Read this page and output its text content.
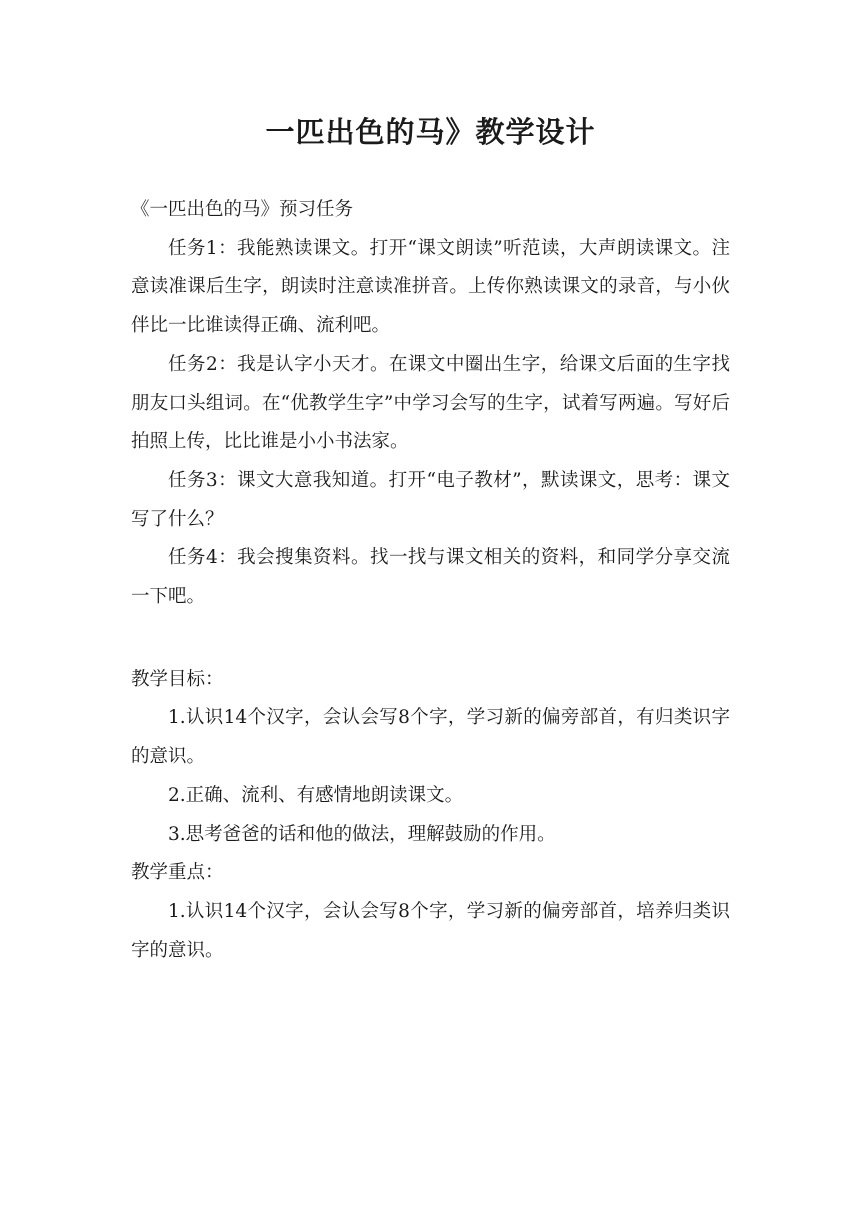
一匹出色的马》教学设计

《一匹出色的马》预习任务

任务1：我能熟读课文。打开“课文朗读”听范读，大声朗读课文。注意读准课后生字，朗读时注意读准拼音。上传你熟读课文的录音，与小伙伴比一比谁读得正确、流利吧。

任务2：我是认字小天才。在课文中圈出生字，给课文后面的生字找朋友口头组词。在“优教学生字”中学习会写的生字，试着写两遍。写好后拍照上传，比比谁是小小书法家。

任务3：课文大意我知道。打开“电子教材”，默读课文，思考：课文写了什么？

任务4：我会搜集资料。找一找与课文相关的资料，和同学分享交流一下吧。

教学目标：

1.认识14个汉字，会认会写8个字，学习新的偏旁部首，有归类识字的意识。

2.正确、流利、有感情地朗读课文。

3.思考爸爸的话和他的做法，理解鼓励的作用。

教学重点：

1.认识14个汉字，会认会写8个字，学习新的偏旁部首，培养归类识字的意识。
